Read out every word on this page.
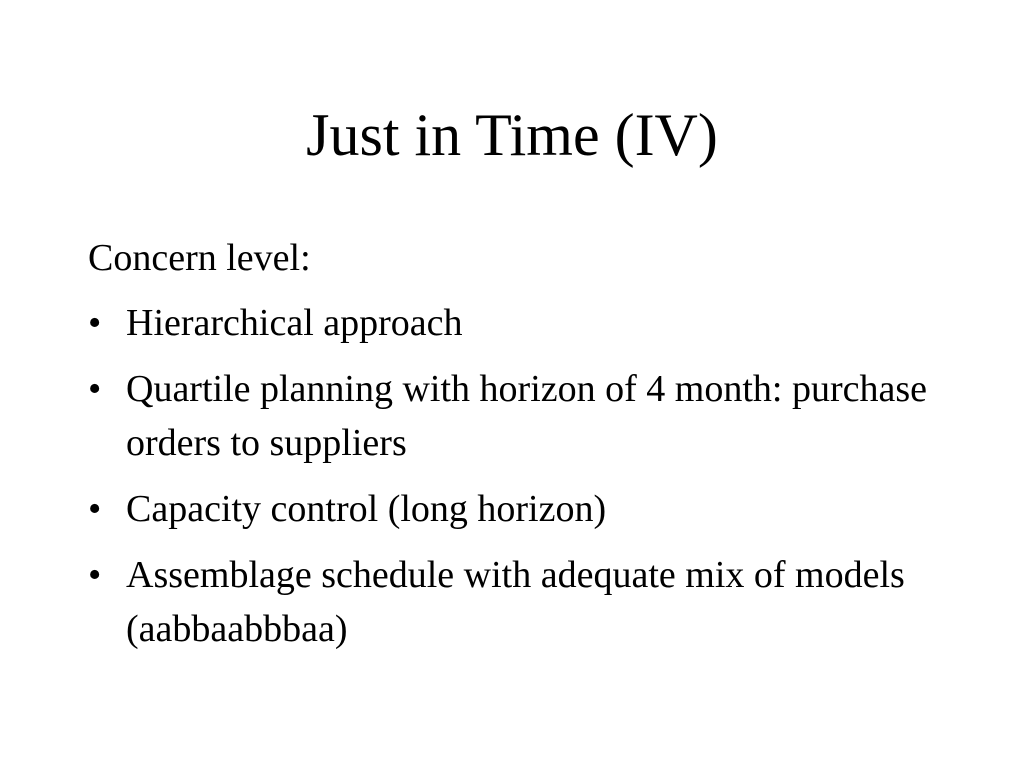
Just in Time (IV)

Concern level:

• Hierarchical approach
• Quartile planning with horizon of 4 month: purchase orders to suppliers
• Capacity control (long horizon)
• Assemblage schedule with adequate mix of models (aabbaabbbaa)
